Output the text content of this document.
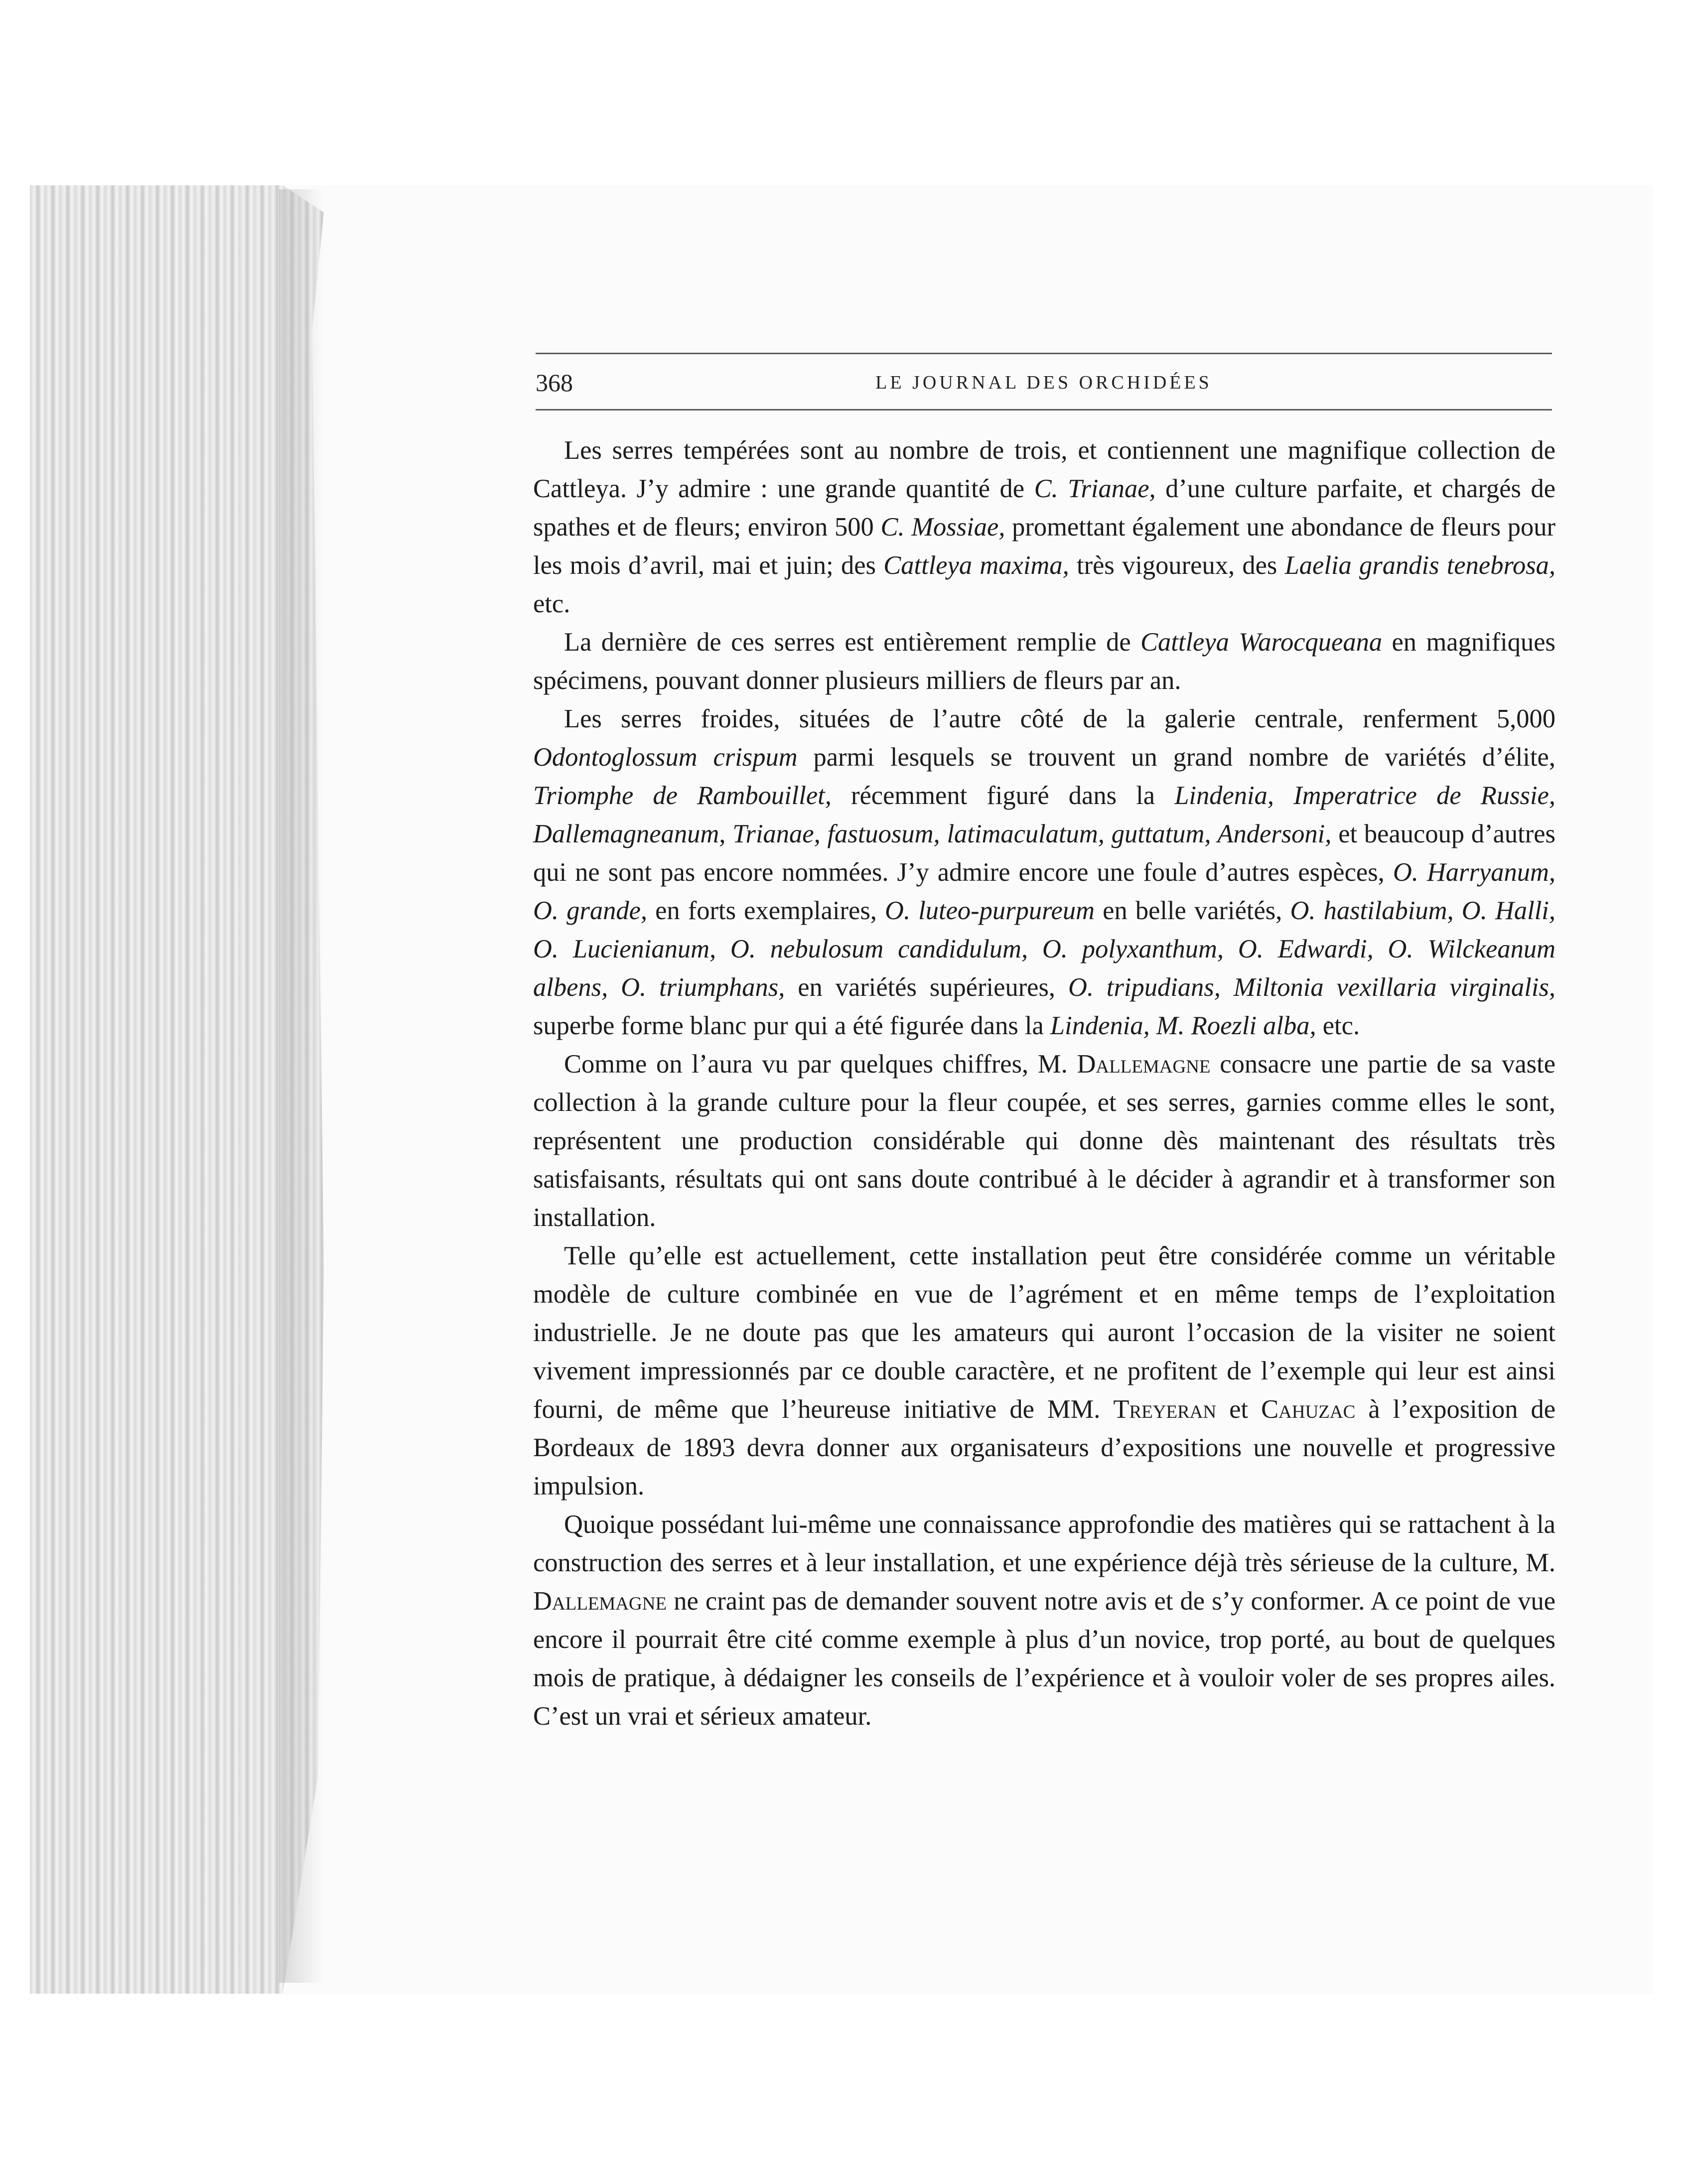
368	LE JOURNAL DES ORCHIDÉES

Les serres tempérées sont au nombre de trois, et contiennent une magnifique collection de Cattleya. J’y admire : une grande quantité de C. Trianae, d’une culture parfaite, et chargés de spathes et de fleurs; environ 500 C. Mossiae, promettant également une abondance de fleurs pour les mois d’avril, mai et juin; des Cattleya maxima, très vigoureux, des Laelia grandis tenebrosa, etc.

La dernière de ces serres est entièrement remplie de Cattleya Warocqueana en magnifiques spécimens, pouvant donner plusieurs milliers de fleurs par an.

Les serres froides, situées de l’autre côté de la galerie centrale, renferment 5,000 Odontoglossum crispum parmi lesquels se trouvent un grand nombre de variétés d’élite, Triomphe de Rambouillet, récemment figuré dans la Lindenia, Imperatrice de Russie, Dallemagneanum, Trianae, fastuosum, latimaculatum, guttatum, Andersoni, et beaucoup d’autres qui ne sont pas encore nommées. J’y admire encore une foule d’autres espèces, O. Harryanum, O. grande, en forts exemplaires, O. luteo-purpureum en belle variétés, O. hastilabium, O. Halli, O. Lucienianum, O. nebulosum candidulum, O. polyxanthum, O. Edwardi, O. Wilckeanum albens, O. triumphans, en variétés supérieures, O. tripudians, Miltonia vexillaria virginalis, superbe forme blanc pur qui a été figurée dans la Lindenia, M. Roezli alba, etc.

Comme on l’aura vu par quelques chiffres, M. Dallemagne consacre une partie de sa vaste collection à la grande culture pour la fleur coupée, et ses serres, garnies comme elles le sont, représentent une production considérable qui donne dès maintenant des résultats très satisfaisants, résultats qui ont sans doute contribué à le décider à agrandir et à transformer son installation.

Telle qu’elle est actuellement, cette installation peut être considérée comme un véritable modèle de culture combinée en vue de l’agrément et en même temps de l’exploitation industrielle. Je ne doute pas que les amateurs qui auront l’occasion de la visiter ne soient vivement impressionnés par ce double caractère, et ne profitent de l’exemple qui leur est ainsi fourni, de même que l’heureuse initiative de MM. Treyeran et Cahuzac à l’exposition de Bordeaux de 1893 devra donner aux organisateurs d’expositions une nouvelle et progressive impulsion.

Quoique possédant lui-même une connaissance approfondie des matières qui se rattachent à la construction des serres et à leur installation, et une expérience déjà très sérieuse de la culture, M. Dallemagne ne craint pas de demander souvent notre avis et de s’y conformer. A ce point de vue encore il pourrait être cité comme exemple à plus d’un novice, trop porté, au bout de quelques mois de pratique, à dédaigner les conseils de l’expérience et à vouloir voler de ses propres ailes. C’est un vrai et sérieux amateur.
